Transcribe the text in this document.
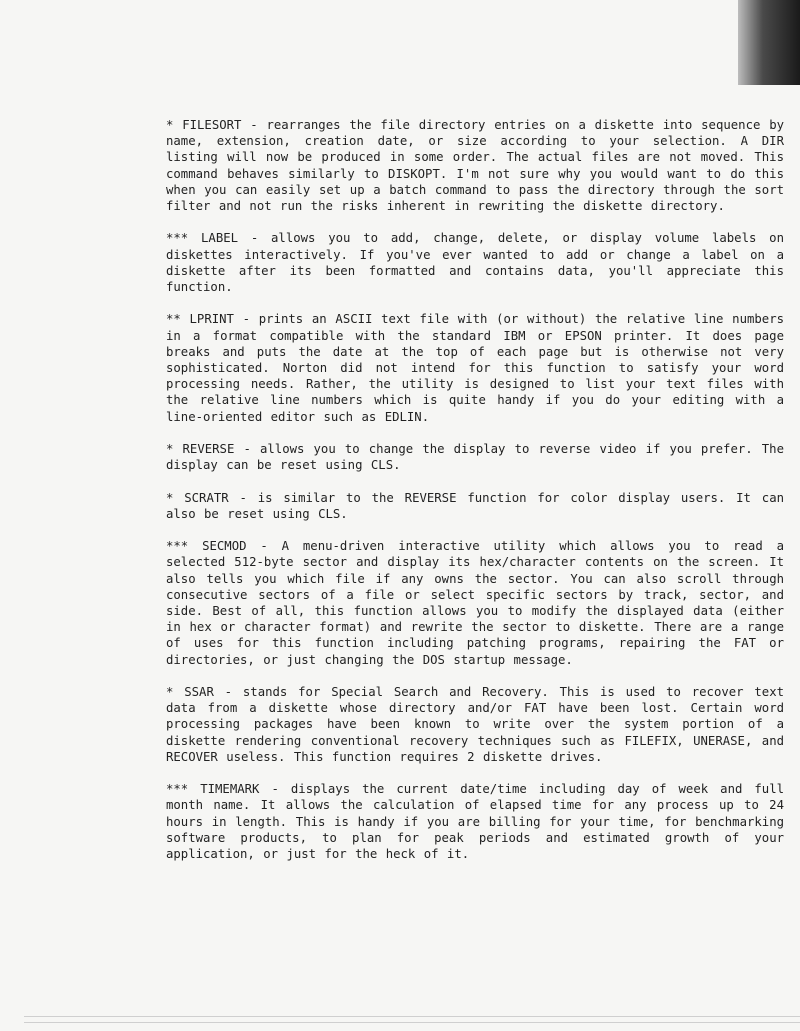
* FILESORT - rearranges the file directory entries on a diskette into sequence by name, extension, creation date, or size according to your selection. A DIR listing will now be produced in some order. The actual files are not moved. This command behaves similarly to DISKOPT. I'm not sure why you would want to do this when you can easily set up a batch command to pass the directory through the sort filter and not run the risks inherent in rewriting the diskette directory.

*** LABEL - allows you to add, change, delete, or display volume labels on diskettes interactively. If you've ever wanted to add or change a label on a diskette after its been formatted and contains data, you'll appreciate this function.

** LPRINT - prints an ASCII text file with (or without) the relative line numbers in a format compatible with the standard IBM or EPSON printer. It does page breaks and puts the date at the top of each page but is otherwise not very sophisticated. Norton did not intend for this function to satisfy your word processing needs. Rather, the utility is designed to list your text files with the relative line numbers which is quite handy if you do your editing with a line-oriented editor such as EDLIN.

* REVERSE - allows you to change the display to reverse video if you prefer. The display can be reset using CLS.

* SCRATR - is similar to the REVERSE function for color display users. It can also be reset using CLS.

*** SECMOD - A menu-driven interactive utility which allows you to read a selected 512-byte sector and display its hex/character contents on the screen. It also tells you which file if any owns the sector. You can also scroll through consecutive sectors of a file or select specific sectors by track, sector, and side. Best of all, this function allows you to modify the displayed data (either in hex or character format) and rewrite the sector to diskette. There are a range of uses for this function including patching programs, repairing the FAT or directories, or just changing the DOS startup message.

* SSAR - stands for Special Search and Recovery. This is used to recover text data from a diskette whose directory and/or FAT have been lost. Certain word processing packages have been known to write over the system portion of a diskette rendering conventional recovery techniques such as FILEFIX, UNERASE, and RECOVER useless. This function requires 2 diskette drives.

*** TIMEMARK - displays the current date/time including day of week and full month name. It allows the calculation of elapsed time for any process up to 24 hours in length. This is handy if you are billing for your time, for benchmarking software products, to plan for peak periods and estimated growth of your application, or just for the heck of it.
